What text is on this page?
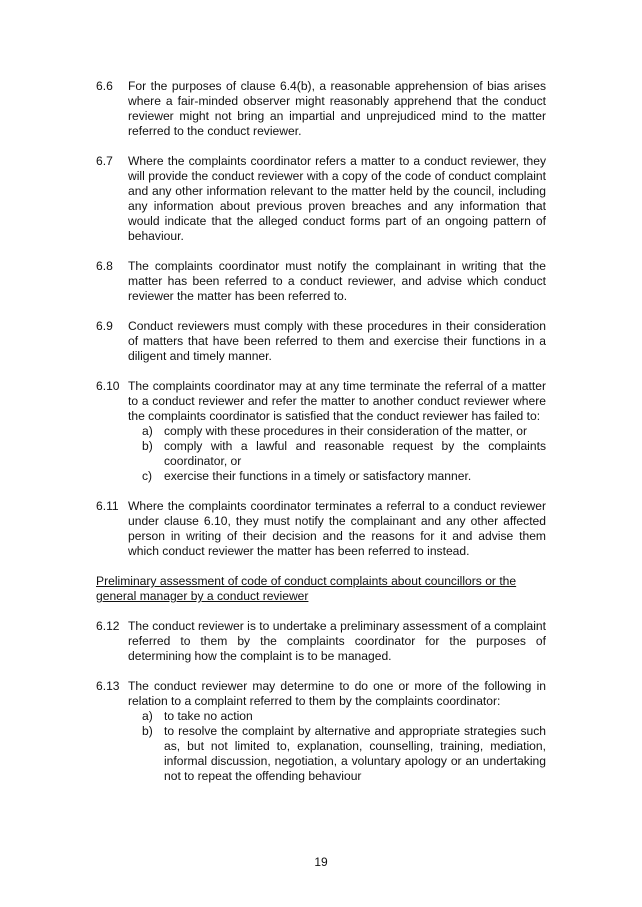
6.6	For the purposes of clause 6.4(b), a reasonable apprehension of bias arises where a fair-minded observer might reasonably apprehend that the conduct reviewer might not bring an impartial and unprejudiced mind to the matter referred to the conduct reviewer.
6.7	Where the complaints coordinator refers a matter to a conduct reviewer, they will provide the conduct reviewer with a copy of the code of conduct complaint and any other information relevant to the matter held by the council, including any information about previous proven breaches and any information that would indicate that the alleged conduct forms part of an ongoing pattern of behaviour.
6.8	The complaints coordinator must notify the complainant in writing that the matter has been referred to a conduct reviewer, and advise which conduct reviewer the matter has been referred to.
6.9	Conduct reviewers must comply with these procedures in their consideration of matters that have been referred to them and exercise their functions in a diligent and timely manner.
6.10 The complaints coordinator may at any time terminate the referral of a matter to a conduct reviewer and refer the matter to another conduct reviewer where the complaints coordinator is satisfied that the conduct reviewer has failed to:
a) comply with these procedures in their consideration of the matter, or
b) comply with a lawful and reasonable request by the complaints coordinator, or
c) exercise their functions in a timely or satisfactory manner.
6.11 Where the complaints coordinator terminates a referral to a conduct reviewer under clause 6.10, they must notify the complainant and any other affected person in writing of their decision and the reasons for it and advise them which conduct reviewer the matter has been referred to instead.
Preliminary assessment of code of conduct complaints about councillors or the general manager by a conduct reviewer
6.12 The conduct reviewer is to undertake a preliminary assessment of a complaint referred to them by the complaints coordinator for the purposes of determining how the complaint is to be managed.
6.13 The conduct reviewer may determine to do one or more of the following in relation to a complaint referred to them by the complaints coordinator:
a) to take no action
b) to resolve the complaint by alternative and appropriate strategies such as, but not limited to, explanation, counselling, training, mediation, informal discussion, negotiation, a voluntary apology or an undertaking not to repeat the offending behaviour
19
